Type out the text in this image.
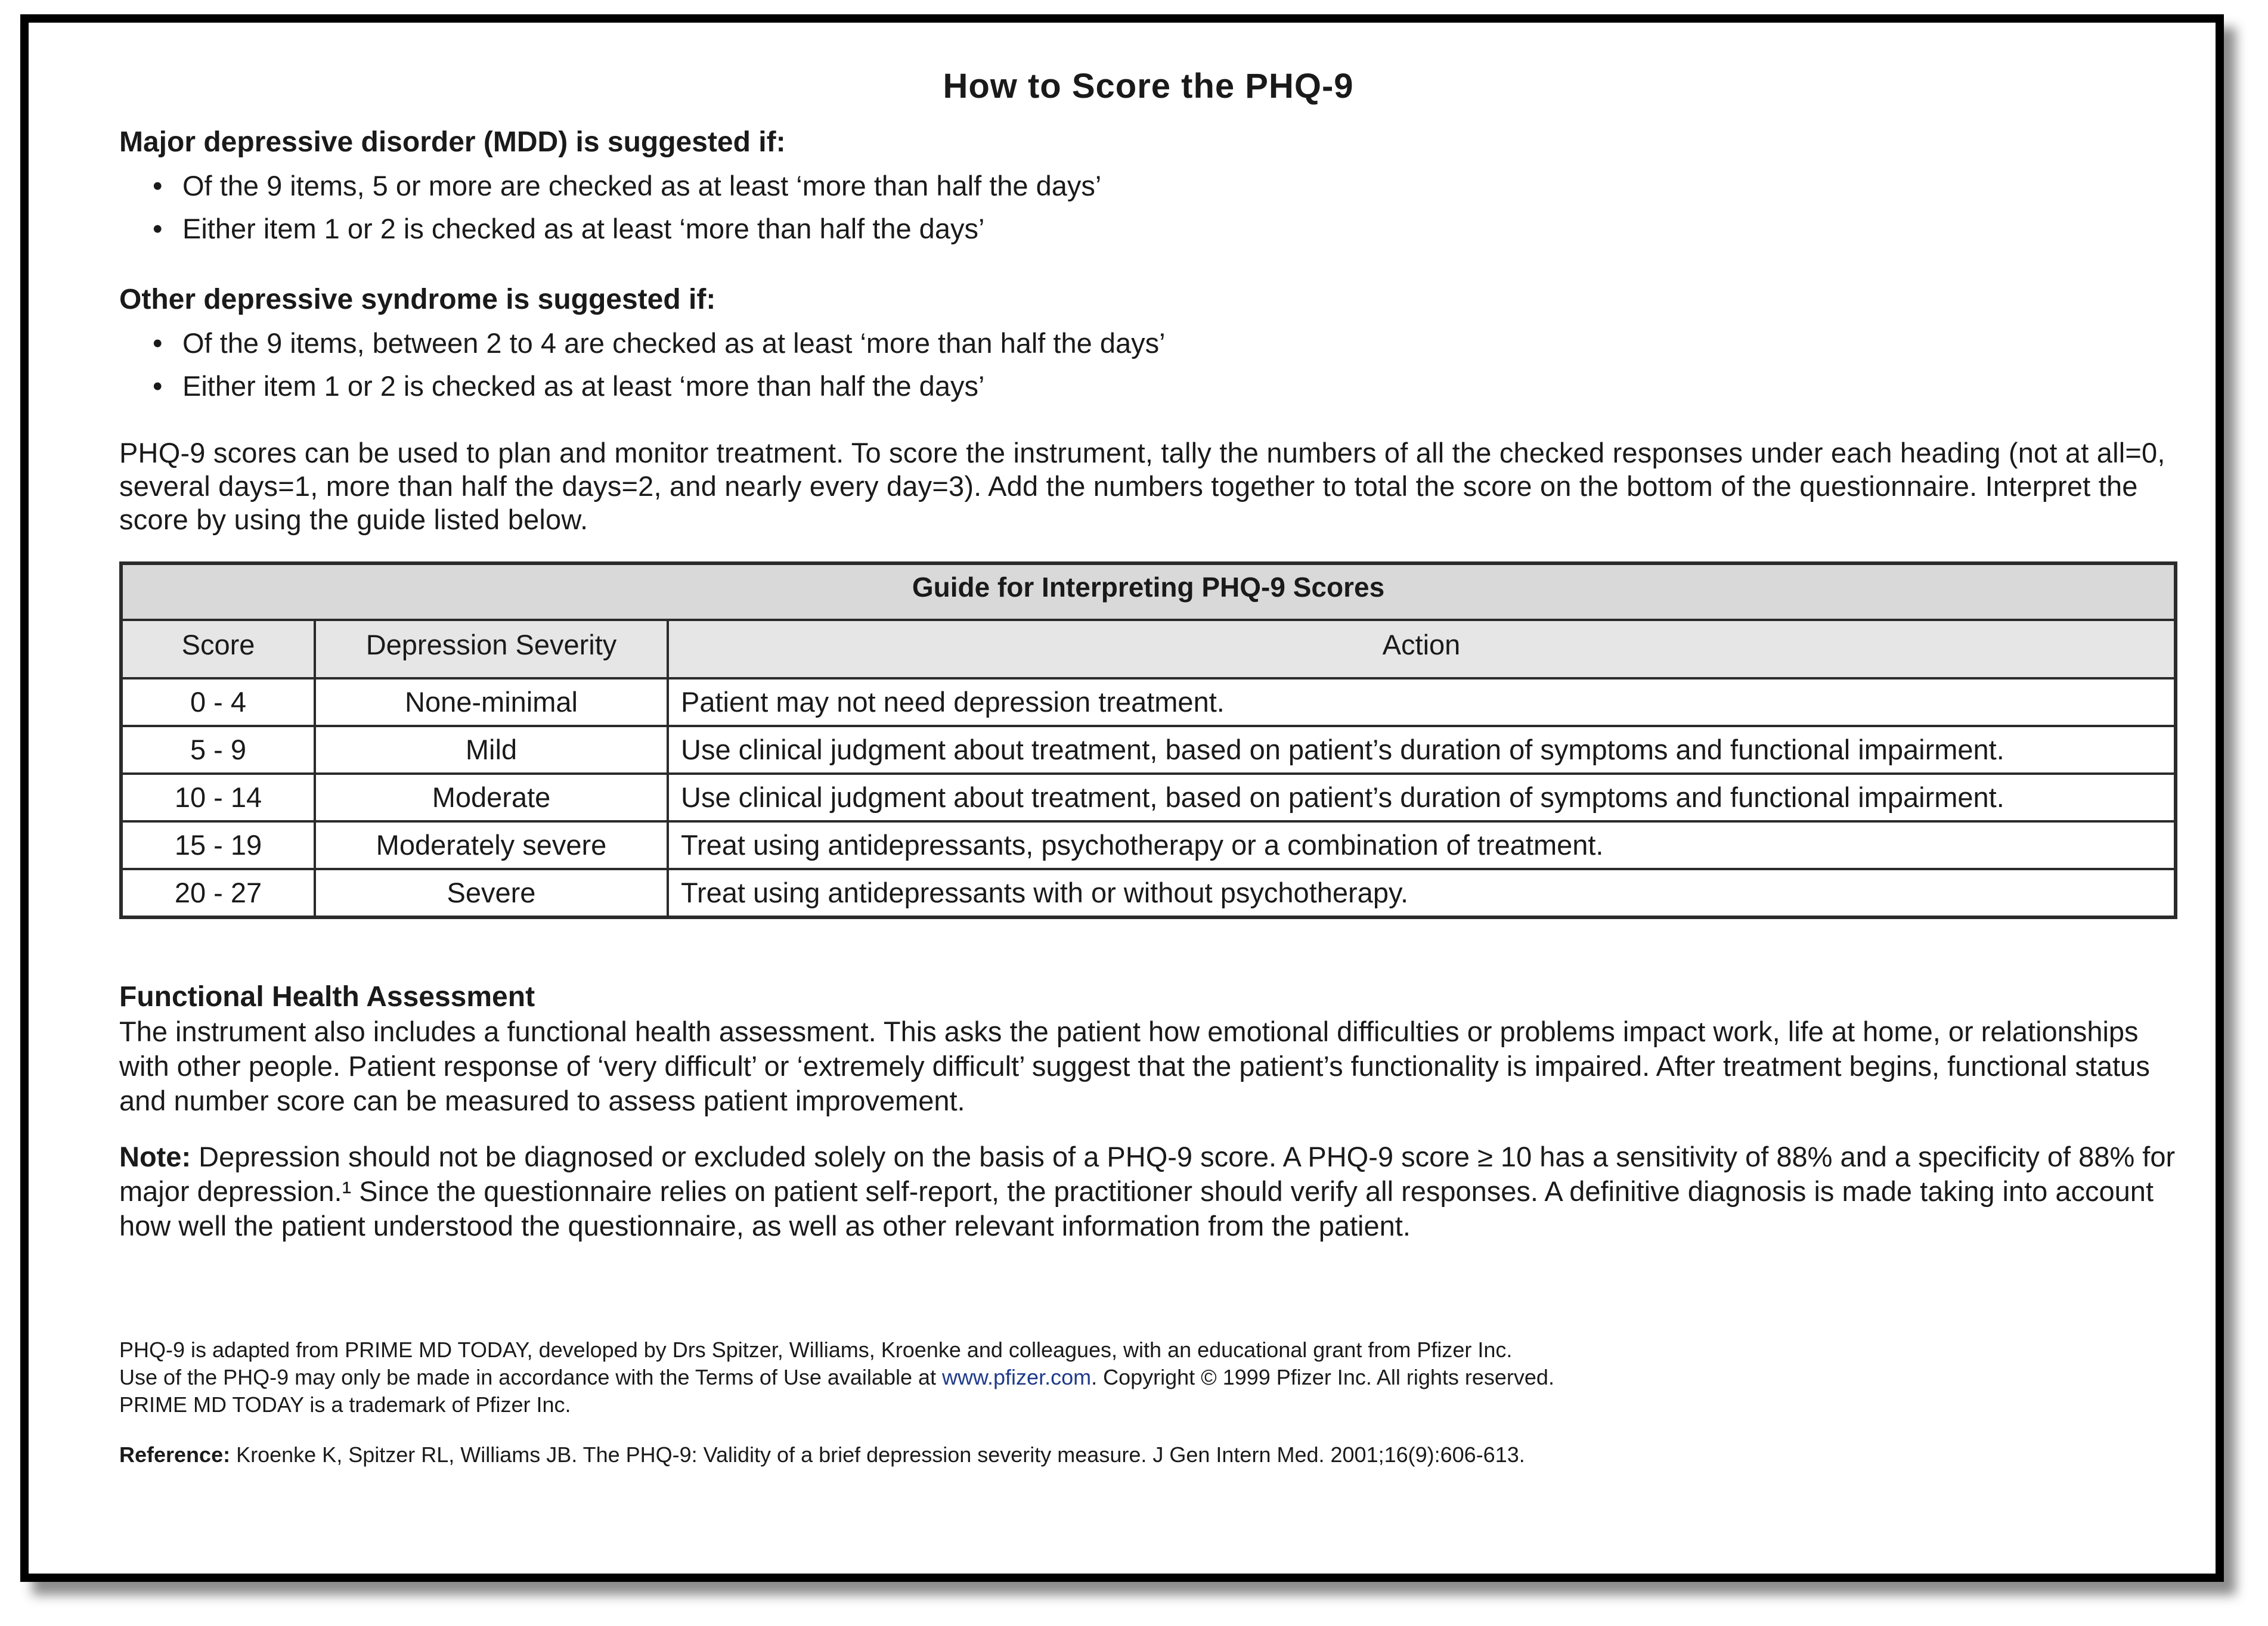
How to Score the PHQ-9
Major depressive disorder (MDD) is suggested if:
• Of the 9 items, 5 or more are checked as at least ‘more than half the days’
• Either item 1 or 2 is checked as at least ‘more than half the days’
Other depressive syndrome is suggested if:
• Of the 9 items, between 2 to 4 are checked as at least ‘more than half the days’
• Either item 1 or 2 is checked as at least ‘more than half the days’

PHQ-9 scores can be used to plan and monitor treatment. To score the instrument, tally the numbers of all the checked responses under each heading (not at all=0, several days=1, more than half the days=2, and nearly every day=3). Add the numbers together to total the score on the bottom of the questionnaire. Interpret the score by using the guide listed below.

Guide for Interpreting PHQ-9 Scores		
Score	Depression Severity	Action
0 - 4	None-minimal	Patient may not need depression treatment.
5 - 9	Mild	Use clinical judgment about treatment, based on patient’s duration of symptoms and functional impairment.
10 - 14	Moderate	Use clinical judgment about treatment, based on patient’s duration of symptoms and functional impairment.
15 - 19	Moderately severe	Treat using antidepressants, psychotherapy or a combination of treatment.
20 - 27	Severe	Treat using antidepressants with or without psychotherapy.
Functional Health Assessment

The instrument also includes a functional health assessment. This asks the patient how emotional difficulties or problems impact work, life at home, or relationships with other people. Patient response of ‘very difficult’ or ‘extremely difficult’ suggest that the patient’s functionality is impaired. After treatment begins, functional status and number score can be measured to assess patient improvement.

Note: Depression should not be diagnosed or excluded solely on the basis of a PHQ-9 score. A PHQ-9 score ≥ 10 has a sensitivity of 88% and a specificity of 88% for major depression.¹ Since the questionnaire relies on patient self-report, the practitioner should verify all responses. A definitive diagnosis is made taking into account how well the patient understood the questionnaire, as well as other relevant information from the patient.

PHQ-9 is adapted from PRIME MD TODAY, developed by Drs Spitzer, Williams, Kroenke and colleagues, with an educational grant from Pfizer Inc.
Use of the PHQ-9 may only be made in accordance with the Terms of Use available at www.pfizer.com. Copyright © 1999 Pfizer Inc. All rights reserved.
PRIME MD TODAY is a trademark of Pfizer Inc.
Reference: Kroenke K, Spitzer RL, Williams JB. The PHQ-9: Validity of a brief depression severity measure. J Gen Intern Med. 2001;16(9):606-613.
